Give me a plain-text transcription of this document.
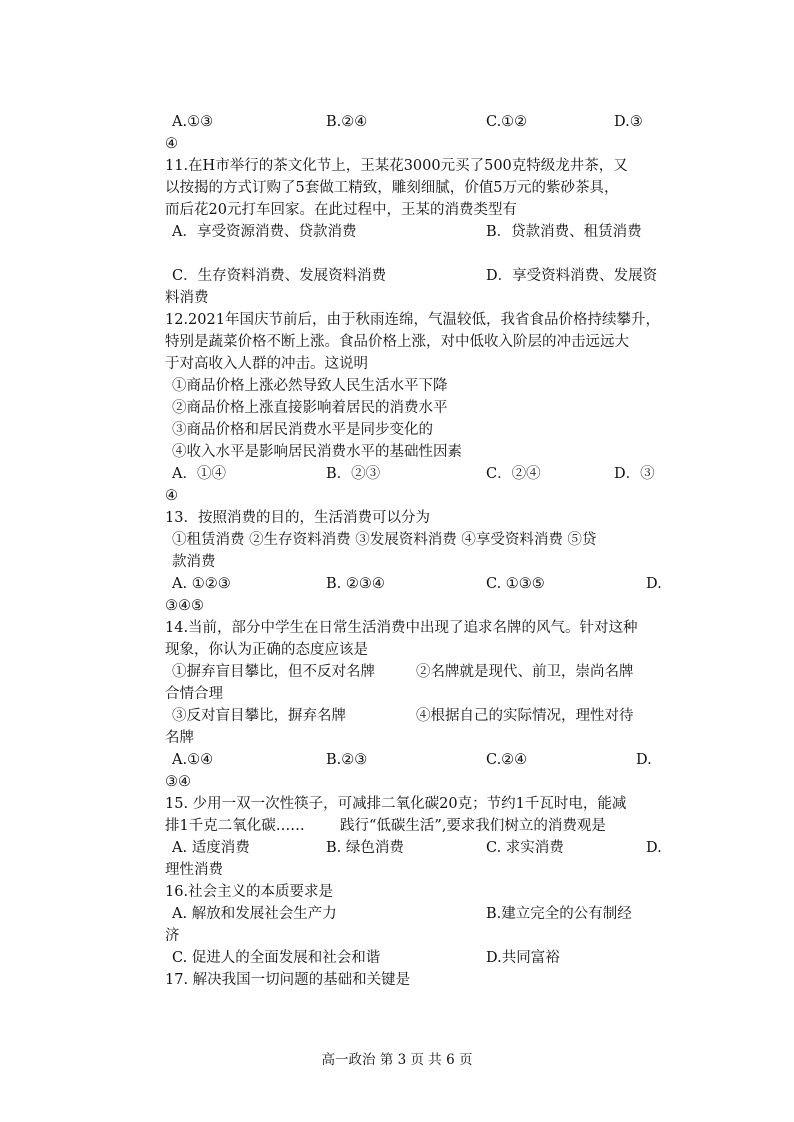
A.①③	B.②④	C.①②	D.③
④
11.在H市举行的茶文化节上，王某花3000元买了500克特级龙井茶，又
以按揭的方式订购了5套做工精致，雕刻细腻，价值5万元的紫砂茶具，
而后花20元打车回家。在此过程中，王某的消费类型有
A．享受资源消费、贷款消费	B．贷款消费、租赁消费
C．生存资料消费、发展资料消费	D．享受资料消费、发展资
料消费
12.2021年国庆节前后，由于秋雨连绵，气温较低，我省食品价格持续攀升，
特别是蔬菜价格不断上涨。食品价格上涨，对中低收入阶层的冲击远远大
于对高收入人群的冲击。这说明
①商品价格上涨必然导致人民生活水平下降
②商品价格上涨直接影响着居民的消费水平
③商品价格和居民消费水平是同步变化的
④收入水平是影响居民消费水平的基础性因素
A．①④	B．②③	C．②④	D．③
④
13．按照消费的目的，生活消费可以分为
①租赁消费 ②生存资料消费 ③发展资料消费 ④享受资料消费 ⑤贷
款消费
A. ①②③	B. ②③④	C. ①③⑤	D.
③④⑤
14.当前，部分中学生在日常生活消费中出现了追求名牌的风气。针对这种
现象，你认为正确的态度应该是
①摒弃盲目攀比，但不反对名牌	②名牌就是现代、前卫，崇尚名牌
合情合理
③反对盲目攀比，摒弃名牌	④根据自己的实际情况，理性对待
名牌
A.①④	B.②③	C.②④	D.
③④
15. 少用一双一次性筷子，可减排二氧化碳20克；节约1千瓦时电，能减
排1千克二氧化碳…… 践行“低碳生活”,要求我们树立的消费观是
A. 适度消费	B. 绿色消费	C. 求实消费	D.
理性消费
16.社会主义的本质要求是
A. 解放和发展社会生产力	B.建立完全的公有制经
济
C. 促进人的全面发展和社会和谐	D.共同富裕
17. 解决我国一切问题的基础和关键是
高一政治 第 3 页 共 6 页
